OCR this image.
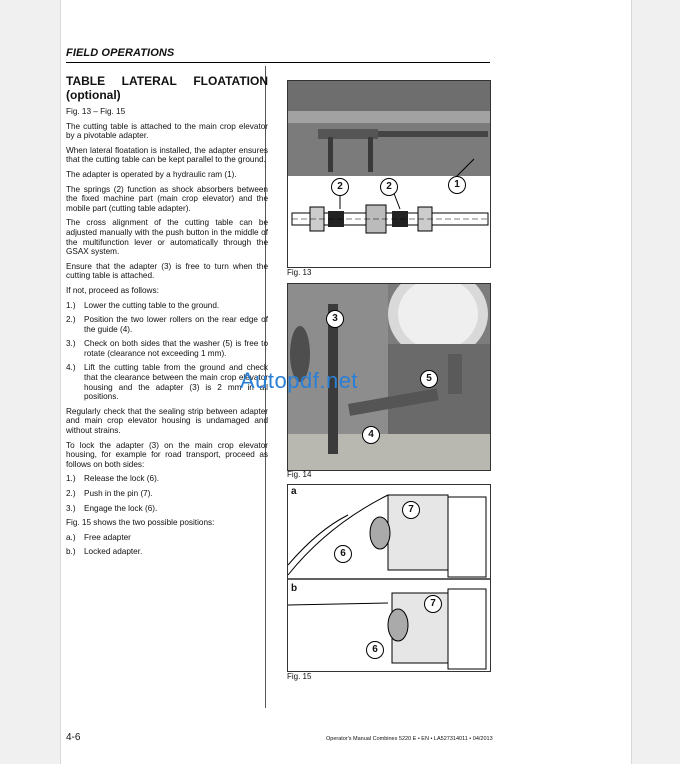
FIELD OPERATIONS
TABLE LATERAL FLOATATION
(optional)

Fig. 13 – Fig. 15

The cutting table is attached to the main crop elevator by a pivotable adapter.

When lateral floatation is installed, the adapter ensures that the cutting table can be kept parallel to the ground.

The adapter is operated by a hydraulic ram (1).

The springs (2) function as shock absorbers between the fixed machine part (main crop elevator) and the mobile part (cutting table adapter).

The cross alignment of the cutting table can be adjusted manually with the push button in the middle of the multifunction lever or automatically through the GSAX system.

Ensure that the adapter (3) is free to turn when the cutting table is attached.

If not, proceed as follows:

1.)	Lower the cutting table to the ground.
2.)	Position the two lower rollers on the rear edge of the guide (4).
3.)	Check on both sides that the washer (5) is free to rotate (clearance not exceeding 1 mm).
4.)	Lift the cutting table from the ground and check that the clearance between the main crop elevator housing and the adapter (3) is 2 mm in all positions.

Regularly check that the sealing strip between adapter and main crop elevator housing is undamaged and without strains.

To lock the adapter (3) on the main crop elevator housing, for example for road transport, proceed as follows on both sides:

1.)	Release the lock (6).
2.)	Push in the pin (7).
3.)	Engage the lock (6).

Fig. 15 shows the two possible positions:

a.)	Free adapter
b.)	Locked adapter.
2	2	1
Fig. 13
3
5
4
Fig. 14
a
b
7
6
7
6
Fig. 15
Autopdf.net
4-6	Operator's Manual Combines 5220 E • EN • LA527314011 • 04/2013
